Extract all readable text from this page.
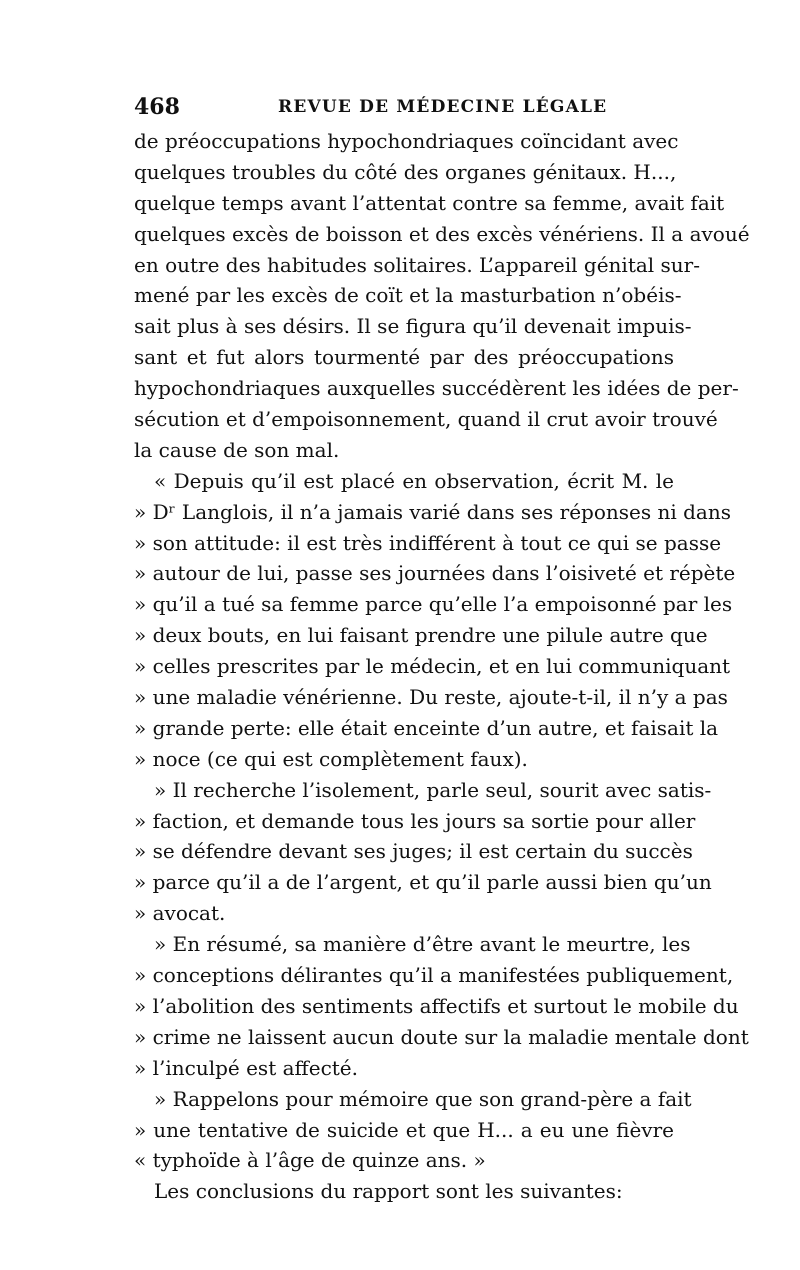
468	REVUE DE MÉDECINE LÉGALE
de préoccupations hypochondriaques coïncidant avec
quelques troubles du côté des organes génitaux. H...,
quelque temps avant l’attentat contre sa femme, avait fait
quelques excès de boisson et des excès vénériens. Il a avoué
en outre des habitudes solitaires. L’appareil génital sur-
mené par les excès de coït et la masturbation n’obéis-
sait plus à ses désirs. Il se figura qu’il devenait impuis-
sant et fut alors tourmenté par des préoccupations
hypochondriaques auxquelles succédèrent les idées de per-
sécution et d’empoisonnement, quand il crut avoir trouvé
la cause de son mal.
« Depuis qu’il est placé en observation, écrit M. le
» Dʳ Langlois, il n’a jamais varié dans ses réponses ni dans
» son attitude: il est très indifférent à tout ce qui se passe
» autour de lui, passe ses journées dans l’oisiveté et répète
» qu’il a tué sa femme parce qu’elle l’a empoisonné par les
» deux bouts, en lui faisant prendre une pilule autre que
» celles prescrites par le médecin, et en lui communiquant
» une maladie vénérienne. Du reste, ajoute-t-il, il n’y a pas
» grande perte: elle était enceinte d’un autre, et faisait la
» noce (ce qui est complètement faux).
» Il recherche l’isolement, parle seul, sourit avec satis-
» faction, et demande tous les jours sa sortie pour aller
» se défendre devant ses juges; il est certain du succès
» parce qu’il a de l’argent, et qu’il parle aussi bien qu’un
» avocat.
» En résumé, sa manière d’être avant le meurtre, les
» conceptions délirantes qu’il a manifestées publiquement,
» l’abolition des sentiments affectifs et surtout le mobile du
» crime ne laissent aucun doute sur la maladie mentale dont
» l’inculpé est affecté.
» Rappelons pour mémoire que son grand-père a fait
» une tentative de suicide et que H... a eu une fièvre
« typhoïde à l’âge de quinze ans. »
Les conclusions du rapport sont les suivantes:
